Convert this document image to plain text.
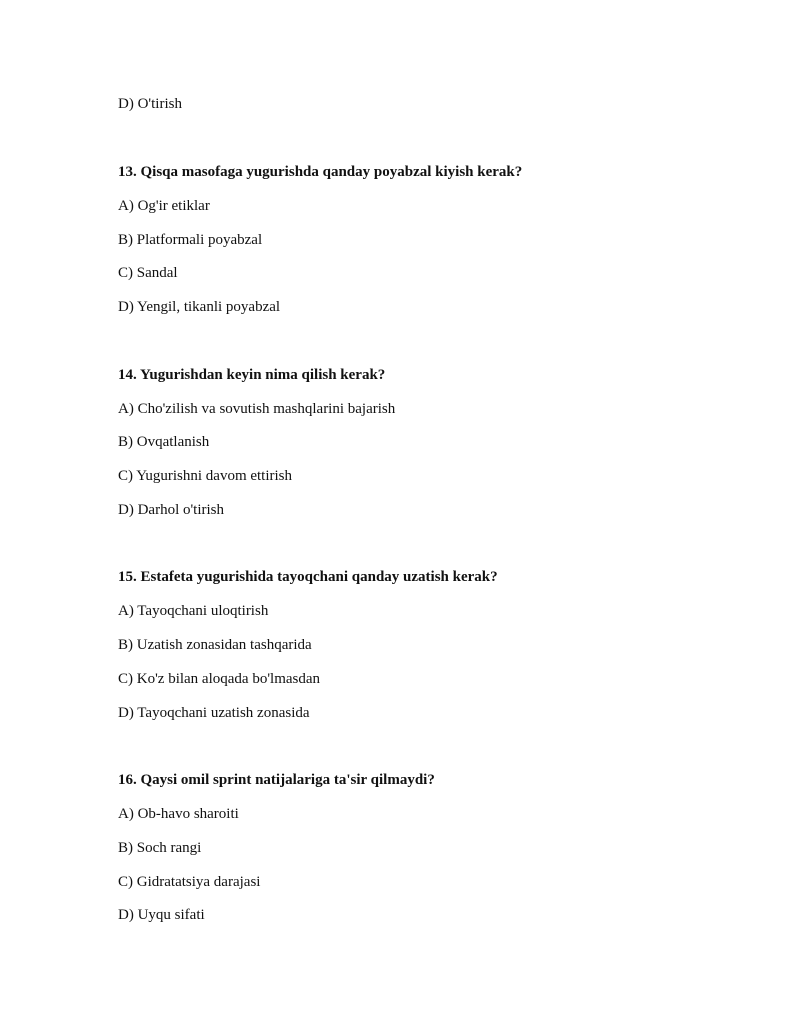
D) O'tirish
13. Qisqa masofaga yugurishda qanday poyabzal kiyish kerak?
A) Og'ir etiklar
B) Platformali poyabzal
C) Sandal
D) Yengil, tikanli poyabzal
14. Yugurishdan keyin nima qilish kerak?
A) Cho'zilish va sovutish mashqlarini bajarish
B) Ovqatlanish
C) Yugurishni davom ettirish
D) Darhol o'tirish
15. Estafeta yugurishida tayoqchani qanday uzatish kerak?
A) Tayoqchani uloqtirish
B) Uzatish zonasidan tashqarida
C) Ko'z bilan aloqada bo'lmasdan
D) Tayoqchani uzatish zonasida
16. Qaysi omil sprint natijalariga ta'sir qilmaydi?
A) Ob-havo sharoiti
B) Soch rangi
C) Gidratatsiya darajasi
D) Uyqu sifati
